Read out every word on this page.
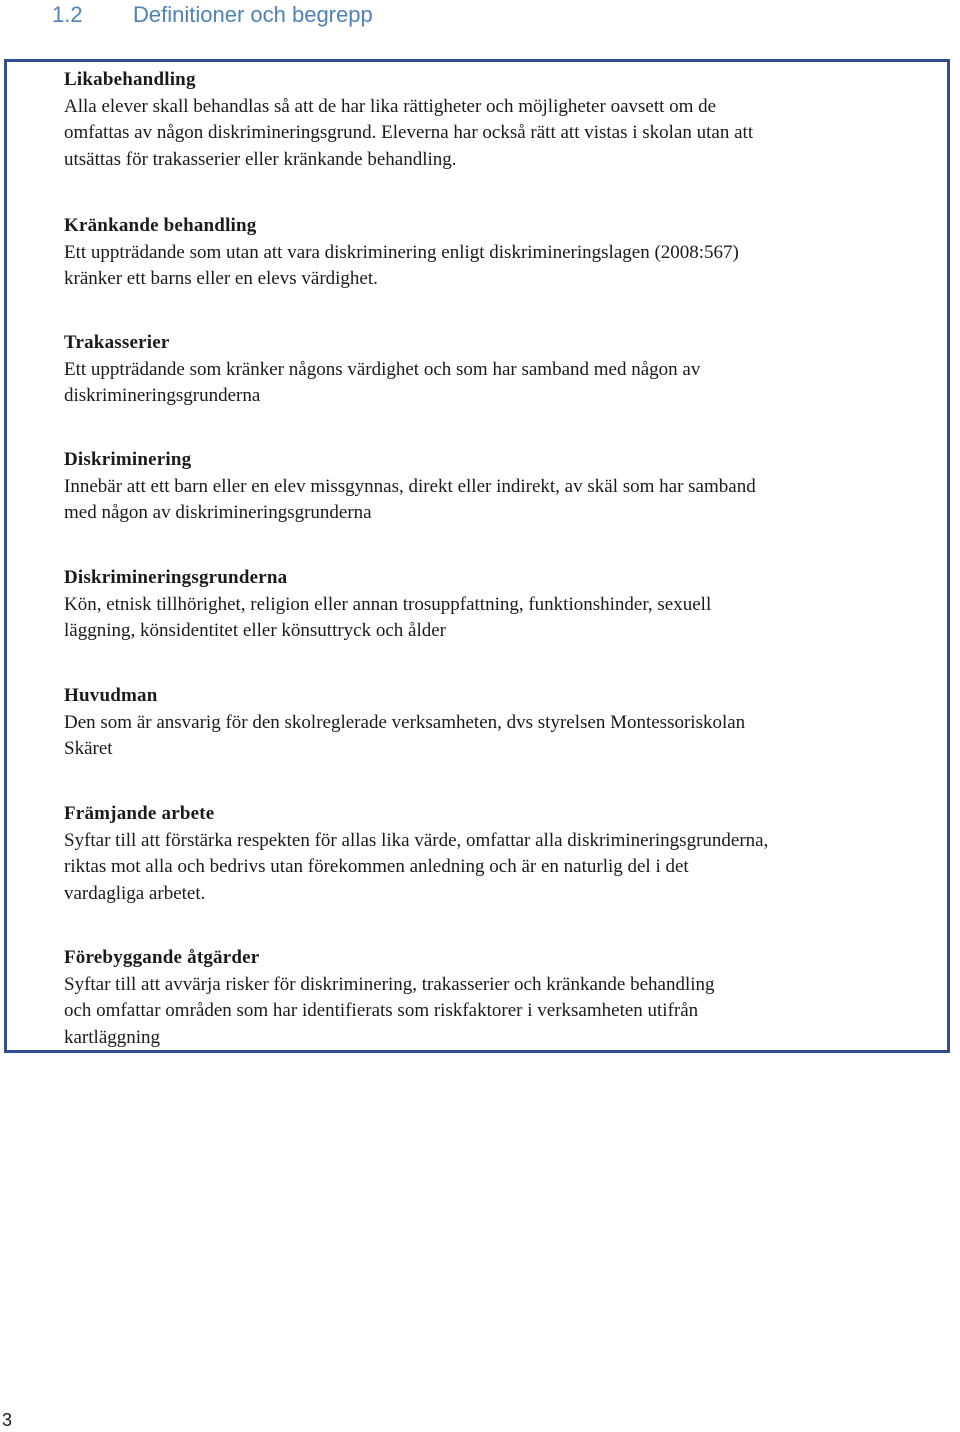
1.2 Definitioner och begrepp
Likabehandling
Alla elever skall behandlas så att de har lika rättigheter och möjligheter oavsett om de
omfattas av någon diskrimineringsgrund. Eleverna har också rätt att vistas i skolan utan att
utsättas för trakasserier eller kränkande behandling.
Kränkande behandling
Ett uppträdande som utan att vara diskriminering enligt diskrimineringslagen (2008:567)
kränker ett barns eller en elevs värdighet.
Trakasserier
Ett uppträdande som kränker någons värdighet och som har samband med någon av
diskrimineringsgrunderna
Diskriminering
Innebär att ett barn eller en elev missgynnas, direkt eller indirekt, av skäl som har samband
med någon av diskrimineringsgrunderna
Diskrimineringsgrunderna
Kön, etnisk tillhörighet, religion eller annan trosuppfattning, funktionshinder, sexuell
läggning, könsidentitet eller könsuttryck och ålder
Huvudman
Den som är ansvarig för den skolreglerade verksamheten, dvs styrelsen Montessoriskolan
Skäret
Främjande arbete
Syftar till att förstärka respekten för allas lika värde, omfattar alla diskrimineringsgrunderna,
riktas mot alla och bedrivs utan förekommen anledning och är en naturlig del i det
vardagliga arbetet.
Förebyggande åtgärder
Syftar till att avvärja risker för diskriminering, trakasserier och kränkande behandling
och omfattar områden som har identifierats som riskfaktorer i verksamheten utifrån
kartläggning
3
